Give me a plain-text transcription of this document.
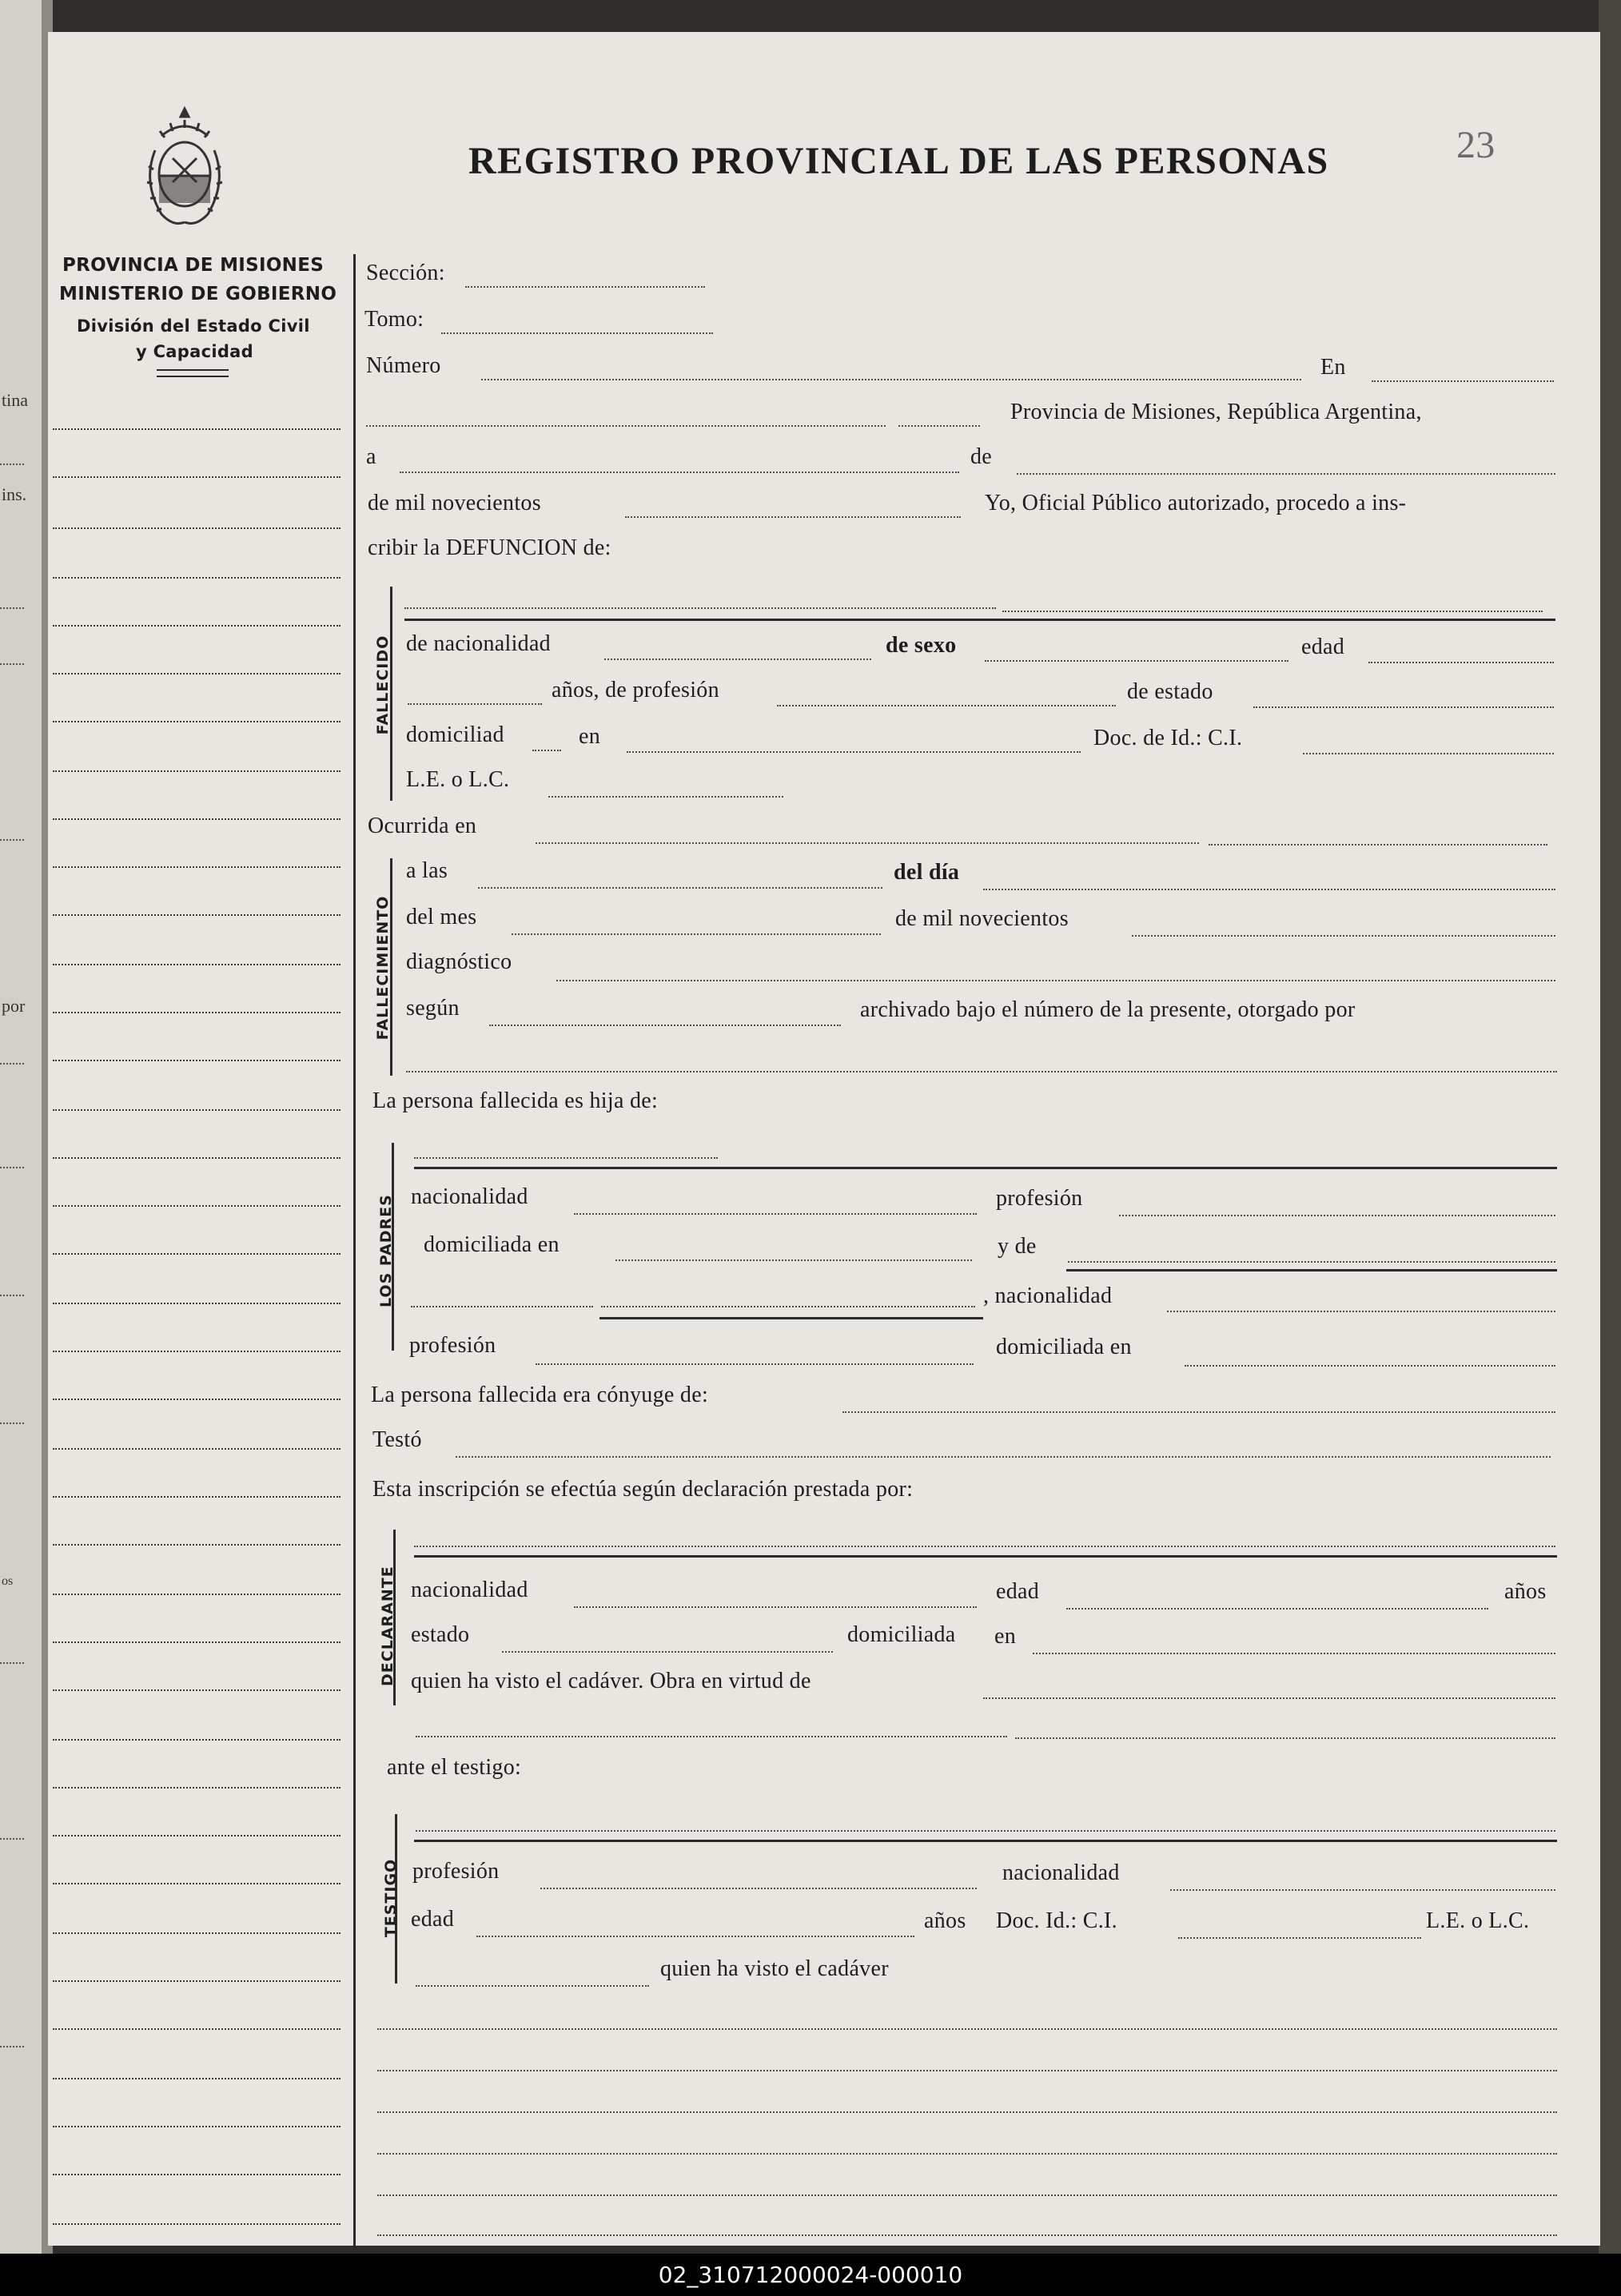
tina
ins.
por
os
PROVINCIA DE MISIONES
MINISTERIO DE GOBIERNO
División del Estado Civil
y Capacidad
REGISTRO PROVINCIAL DE LAS PERSONAS	23
Sección:
Tomo:
Número	En
Provincia de Misiones, República Argentina,
a	de
de mil novecientos	Yo, Oficial Público autorizado, procedo a ins-
cribir la DEFUNCION de:
FALLECIDO de nacionalidad	de sexo	edad
años, de profesión	de estado
domiciliad	en	Doc. de Id.: C.I.
L.E. o L.C.
Ocurrida en
FALLECIMIENTO
a las	del día
del mes	de mil novecientos
diagnóstico
según	archivado bajo el número de la presente, otorgado por
La persona fallecida es hija de:
LOS PADRES nacionalidad	profesión
domiciliada en	y de
, nacionalidad
profesión	domiciliada en
La persona fallecida era cónyuge de:
Testó
Esta inscripción se efectúa según declaración prestada por:
DECLARANTE nacionalidad	edad	años
estado	domiciliada en
quien ha visto el cadáver. Obra en virtud de
ante el testigo:
TESTIGO profesión	nacionalidad
edad	años Doc. Id.: C.I.	L.E. o L.C.
quien ha visto el cadáver
02_310712000024-000010
